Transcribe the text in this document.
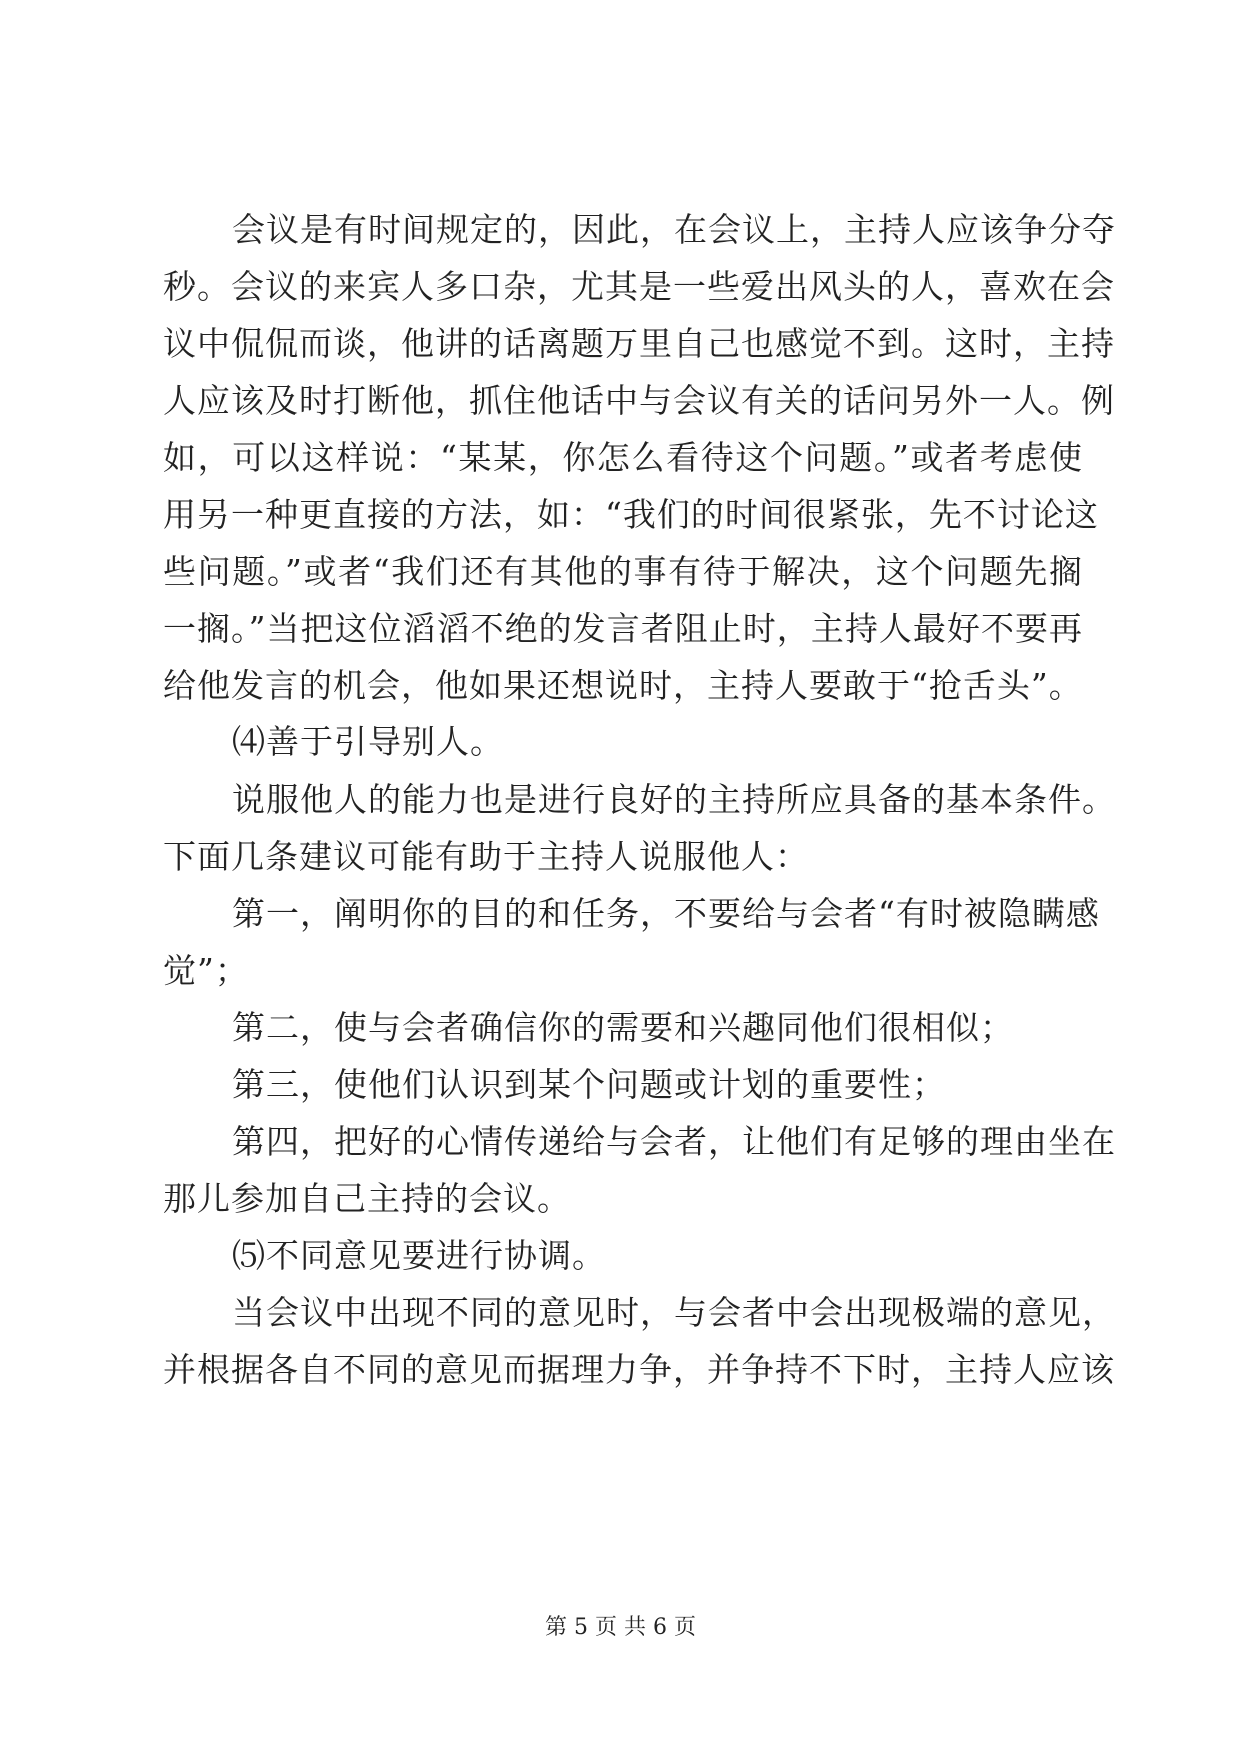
会议是有时间规定的，因此，在会议上，主持人应该争分夺
秒。会议的来宾人多口杂，尤其是一些爱出风头的人，喜欢在会
议中侃侃而谈，他讲的话离题万里自己也感觉不到。这时，主持
人应该及时打断他，抓住他话中与会议有关的话问另外一人。例
如，可以这样说：“某某，你怎么看待这个问题。”或者考虑使
用另一种更直接的方法，如：“我们的时间很紧张，先不讨论这
些问题。”或者“我们还有其他的事有待于解决，这个问题先搁
一搁。”当把这位滔滔不绝的发言者阻止时，主持人最好不要再
给他发言的机会，他如果还想说时，主持人要敢于“抢舌头”。
⑷善于引导别人。
说服他人的能力也是进行良好的主持所应具备的基本条件。
下面几条建议可能有助于主持人说服他人：
第一，阐明你的目的和任务，不要给与会者“有时被隐瞒感
觉”；
第二，使与会者确信你的需要和兴趣同他们很相似；
第三，使他们认识到某个问题或计划的重要性；
第四，把好的心情传递给与会者，让他们有足够的理由坐在
那儿参加自己主持的会议。
⑸不同意见要进行协调。
当会议中出现不同的意见时，与会者中会出现极端的意见，
并根据各自不同的意见而据理力争，并争持不下时，主持人应该
第 5 页 共 6 页
